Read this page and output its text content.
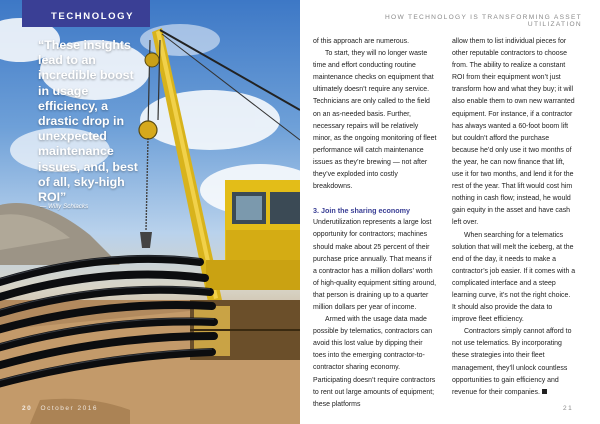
TECHNOLOGY
“These insights lead to an incredible boost in usage efficiency, a drastic drop in unexpected maintenance issues, and, best of all, sky-high ROI”
— Willy Schlacks
20 October 2016
HOW TECHNOLOGY IS TRANSFORMING ASSET UTILIZATION

of this approach are numerous.

To start, they will no longer waste time and effort conducting routine maintenance checks on equipment that ultimately doesn’t require any service. Technicians are only called to the field on an as-needed basis. Further, necessary repairs will be relatively minor, as the ongoing monitoring of fleet performance will catch maintenance issues as they’re brewing — not after they’ve exploded into costly breakdowns.

3. Join the sharing economy

Underutilization represents a large lost opportunity for contractors; machines should make about 25 percent of their purchase price annually. That means if a contractor has a million dollars’ worth of high-quality equipment sitting around, that person is draining up to a quarter million dollars per year of income.

Armed with the usage data made possible by telematics, contractors can avoid this lost value by dipping their toes into the emerging contractor-to-contractor sharing economy. Participating doesn’t require contractors to rent out large amounts of equipment; these platforms

allow them to list individual pieces for other reputable contractors to choose from. The ability to realize a constant ROI from their equipment won’t just transform how and what they buy; it will also enable them to own new warranted equipment. For instance, if a contractor has always wanted a 60-foot boom lift but couldn’t afford the purchase because he’d only use it two months of the year, he can now finance that lift, use it for two months, and lend it for the rest of the year. That lift would cost him nothing in cash flow; instead, he would gain equity in the asset and have cash left over.

When searching for a telematics solution that will melt the iceberg, at the end of the day, it needs to make a contractor’s job easier. If it comes with a complicated interface and a steep learning curve, it’s not the right choice. It should also provide the data to improve fleet efficiency.

Contractors simply cannot afford to not use telematics. By incorporating these strategies into their fleet management, they’ll unlock countless opportunities to gain efficiency and revenue for their companies.

21
